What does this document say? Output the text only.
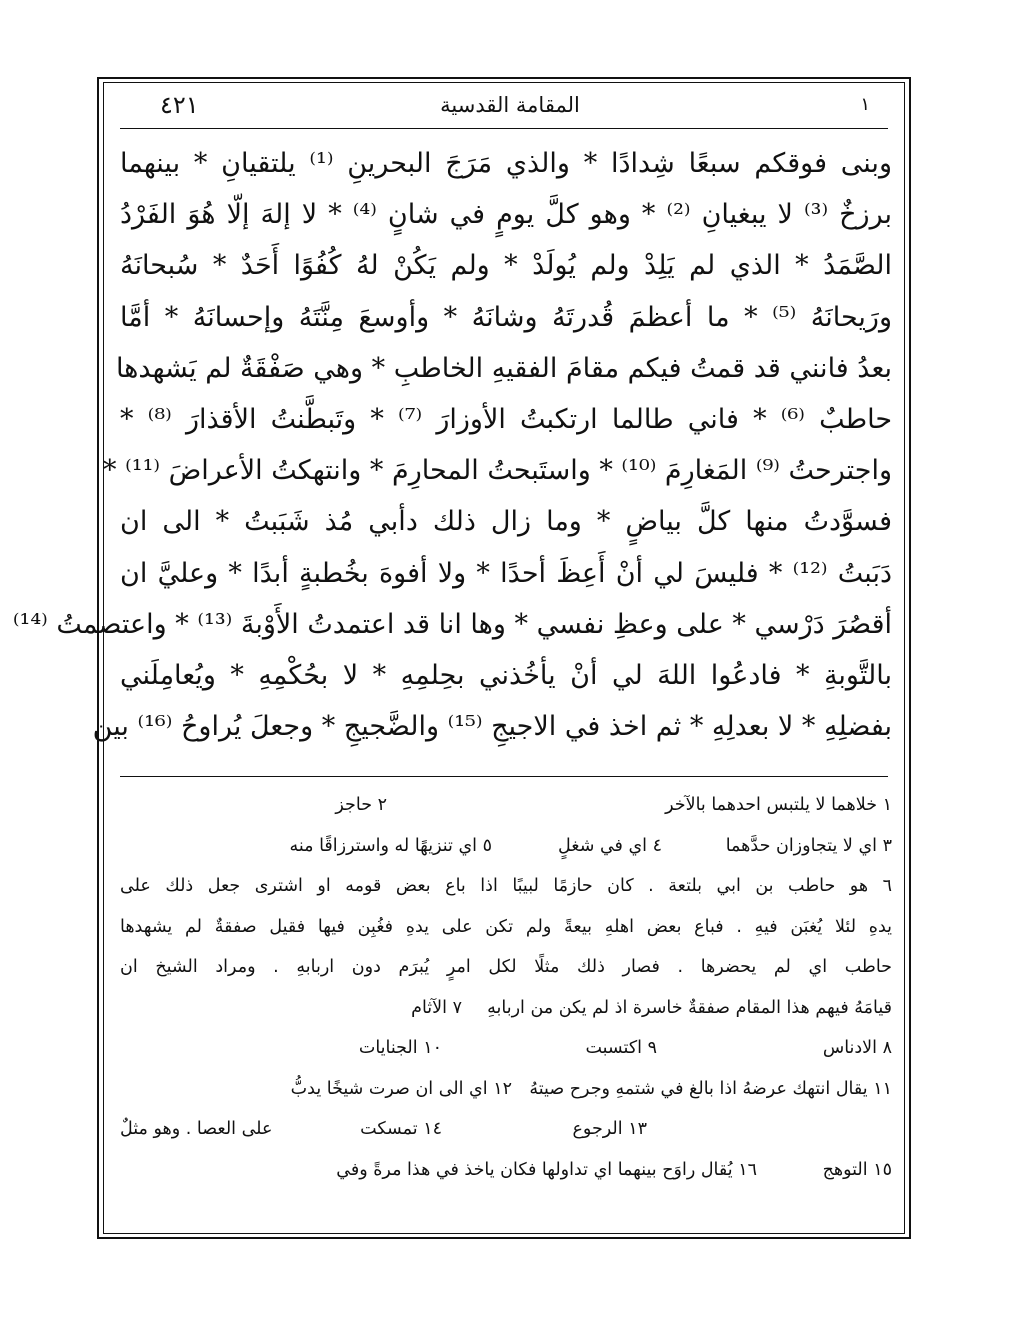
١
المقامة القدسية
٤٢١
وبنى فوقكم سبعًا شِدادًا * والذي مَرَجَ البحرينِ ⁽¹⁾ يلتقيانِ * بينهما
برزخٌ ⁽³⁾ لا يبغيانِ ⁽²⁾ * وهو كلَّ يومٍ في شانٍ ⁽⁴⁾ * لا إلهَ إلّا هُوَ الفَرْدُ
الصَّمَدُ * الذي لم يَلِدْ ولم يُولَدْ * ولم يَكُنْ لهُ كُفُوًا أَحَدٌ * سُبحانَهُ
ورَيحانَهُ ⁽⁵⁾ * ما أعظمَ قُدرتَهُ وشانَهُ * وأوسعَ مِنَّتَهُ وإحسانَهُ * أمَّا
بعدُ فانني قد قمتُ فيكم مقامَ الفقيهِ الخاطبِ * وهي صَفْقَةٌ لم يَشهدها
حاطبٌ ⁽⁶⁾ * فاني طالما ارتكبتُ الأوزارَ ⁽⁷⁾ * وتَبطَّنتُ الأقذارَ ⁽⁸⁾ *
واجترحتُ ⁽⁹⁾ المَغارِمَ ⁽¹⁰⁾ * واستَبحتُ المحارِمَ * وانتهكتُ الأعراضَ ⁽¹¹⁾ *
فسوَّدتُ منها كلَّ بياضٍ * وما زال ذلك دأبي مُذ شَبَبتُ * الى ان
دَبَبتُ ⁽¹²⁾ * فليسَ لي أنْ أَعِظَ أحدًا * ولا أفوهَ بخُطبةٍ أبدًا * وعليَّ ان
أقصُرَ دَرْسي * على وعظِ نفسي * وها انا قد اعتمدتُ الأَوْبةَ ⁽¹³⁾ * واعتصمتُ ⁽¹⁴⁾
بالتَّوبةِ * فادعُوا اللهَ لي أنْ يأخُذني بحِلمِهِ * لا بحُكْمِهِ * ويُعامِلَني
بفضلِهِ * لا بعدلِهِ * ثم اخذ في الاجيجِ ⁽¹⁵⁾ والضَّجيجِ * وجعلَ يُراوحُ ⁽¹⁶⁾ بين
١ خلاهما لا يلتبس احدهما بالآخر
٢ حاجز
٣ اي لا يتجاوزان حدَّهما
٤ اي في شغلٍ
٥ اي تنزيهًا له واسترزاقًا منه
٦ هو حاطب بن ابي بلتعة . كان حازمًا لبيبًا اذا باع بعض قومه او اشترى جعل ذلك على
يدهِ لئلا يُغبَن فيهِ . فباع بعض اهلهِ بيعةً ولم تكن على يدهِ فغُبِن فيها فقيل صفقةٌ لم يشهدها
حاطب اي لم يحضرها . فصار ذلك مثلًا لكل امرٍ يُبرَم دون اربابهِ . ومراد الشيخ ان
قيامَهُ فيهم هذا المقام صفقةٌ خاسرة اذ لم يكن من اربابهِ
٧ الآثام
٨ الادناس
٩ اكتسبت
١٠ الجنايات
١١ يقال انتهك عرضهُ اذا بالغ في شتمهِ وجرح صيتهُ
١٢ اي الى ان صرت شيخًا يدبُّ
على العصا . وهو مثلٌ	١٣ الرجوع
١٤ تمسكت
١٥ التوهج
١٦ يُقال راوَح بينهما اي تداولها فكان ياخذ في هذا مرةً وفي
